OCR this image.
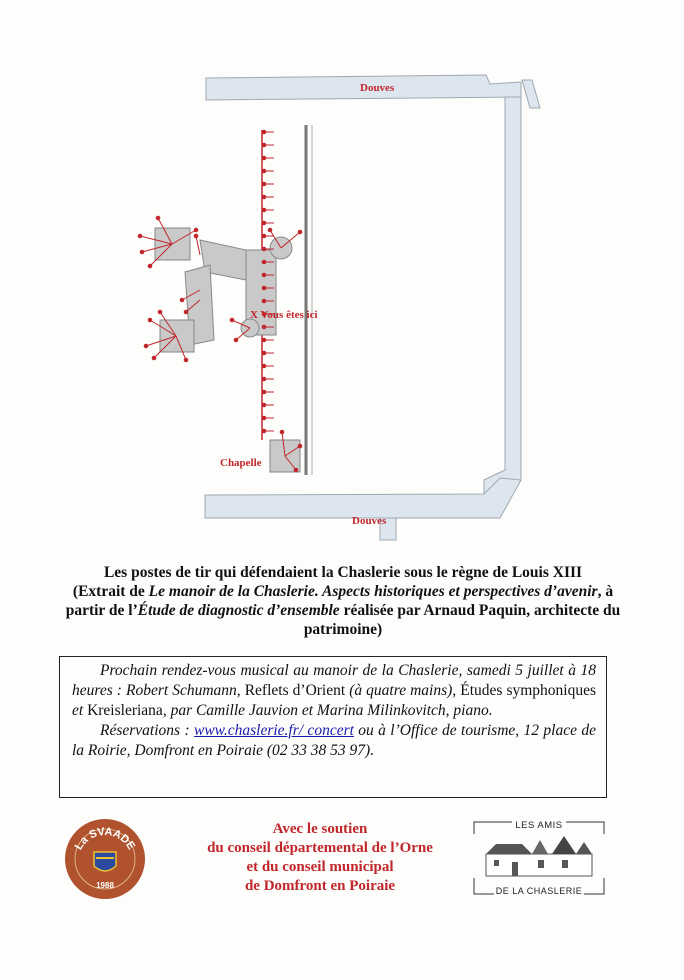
Douves
Douves
X Vous êtes ici
Chapelle
Les postes de tir qui défendaient la Chaslerie sous le règne de Louis XIII
(Extrait de Le manoir de la Chaslerie. Aspects historiques et perspectives d’avenir, à partir de l’Étude de diagnostic d’ensemble réalisée par Arnaud Paquin, architecte du patrimoine)

Prochain rendez-vous musical au manoir de la Chaslerie, samedi 5 juillet à 18 heures : Robert Schumann, Reflets d’Orient (à quatre mains), Études symphoniques et Kreisleriana, par Camille Jauvion et Marina Milinkovitch, piano.

Réservations : www.chaslerie.fr/ concert ou à l’Office de tourisme, 12 place de la Roirie, Domfront en Poiraie (02 33 38 53 97).

La SVAADE
1988
Avec le soutien
du conseil départemental de l’Orne
et du conseil municipal
de Domfront en Poiraie
LES AMIS
DE LA CHASLERIE
